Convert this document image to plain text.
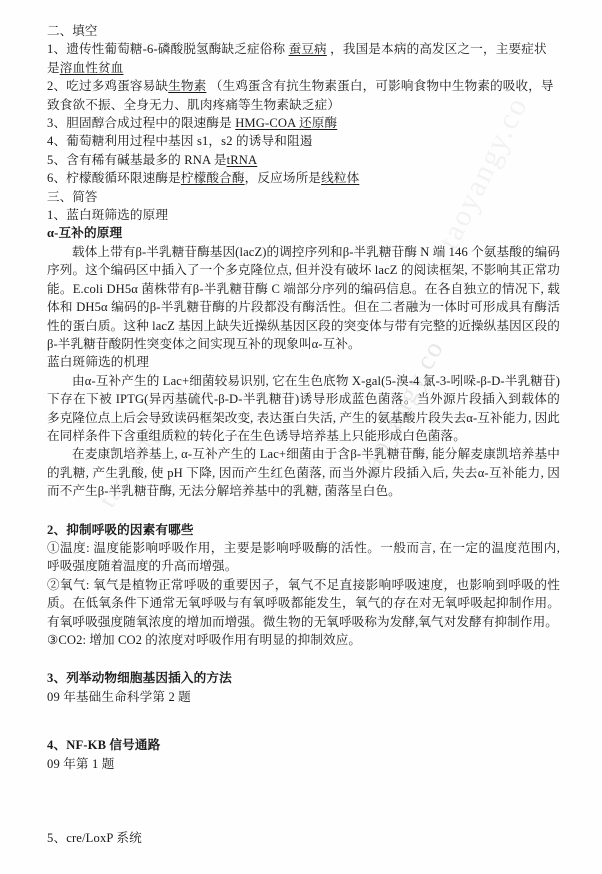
taoyangy.co
taoyangy.co
taoyangy.co
二、填空
1、遗传性葡萄糖-6-磷酸脱氢酶缺乏症俗称 蚕豆病 ，我国是本病的高发区之一，主要症状
是溶血性贫血
2、吃过多鸡蛋容易缺生物素 （生鸡蛋含有抗生物素蛋白，可影响食物中生物素的吸收，导
致食欲不振、全身无力、肌肉疼痛等生物素缺乏症）
3、胆固醇合成过程中的限速酶是 HMG-COA 还原酶
4、葡萄糖利用过程中基因 s1，s2 的诱导和阻遏
5、含有稀有碱基最多的 RNA 是tRNA
6、柠檬酸循环限速酶是柠檬酸合酶，反应场所是线粒体
三、简答
1、蓝白斑筛选的原理
α-互补的原理
载体上带有β-半乳糖苷酶基因(lacZ)的调控序列和β-半乳糖苷酶 N 端 146 个氨基酸的编码序列。这个编码区中插入了一个多克隆位点, 但并没有破坏 lacZ 的阅读框架, 不影响其正常功能。E.coli DH5α 菌株带有β-半乳糖苷酶 C 端部分序列的编码信息。在各自独立的情况下, 载体和 DH5α 编码的β-半乳糖苷酶的片段都没有酶活性。但在二者融为一体时可形成具有酶活性的蛋白质。这种 lacZ 基因上缺失近操纵基因区段的突变体与带有完整的近操纵基因区段的β-半乳糖苷酸阴性突变体之间实现互补的现象叫α-互补。
蓝白斑筛选的机理
由α-互补产生的 Lac+细菌较易识别, 它在生色底物 X-gal(5-溴-4 氯-3-吲哚-β-D-半乳糖苷) 下存在下被 IPTG(异丙基硫代-β-D-半乳糖苷)诱导形成蓝色菌落。当外源片段插入到载体的多克隆位点上后会导致读码框架改变, 表达蛋白失活, 产生的氨基酸片段失去α-互补能力, 因此在同样条件下含重组质粒的转化子在生色诱导培养基上只能形成白色菌落。
在麦康凯培养基上, α-互补产生的 Lac+细菌由于含β-半乳糖苷酶, 能分解麦康凯培养基中的乳糖, 产生乳酸, 使 pH 下降, 因而产生红色菌落, 而当外源片段插入后, 失去α-互补能力, 因而不产生β-半乳糖苷酶, 无法分解培养基中的乳糖, 菌落呈白色。
2、抑制呼吸的因素有哪些
①温度: 温度能影响呼吸作用，主要是影响呼吸酶的活性。一般而言, 在一定的温度范围内, 呼吸强度随着温度的升高而增强。
②氧气: 氧气是植物正常呼吸的重要因子，氧气不足直接影响呼吸速度，也影响到呼吸的性质。在低氧条件下通常无氧呼吸与有氧呼吸都能发生，氧气的存在对无氧呼吸起抑制作用。有氧呼吸强度随氧浓度的增加而增强。微生物的无氧呼吸称为发酵,氧气对发酵有抑制作用。
③CO2: 增加 CO2 的浓度对呼吸作用有明显的抑制效应。
3、列举动物细胞基因插入的方法
09 年基础生命科学第 2 题
4、NF-KB 信号通路
09 年第 1 题
5、cre/LoxP 系统
